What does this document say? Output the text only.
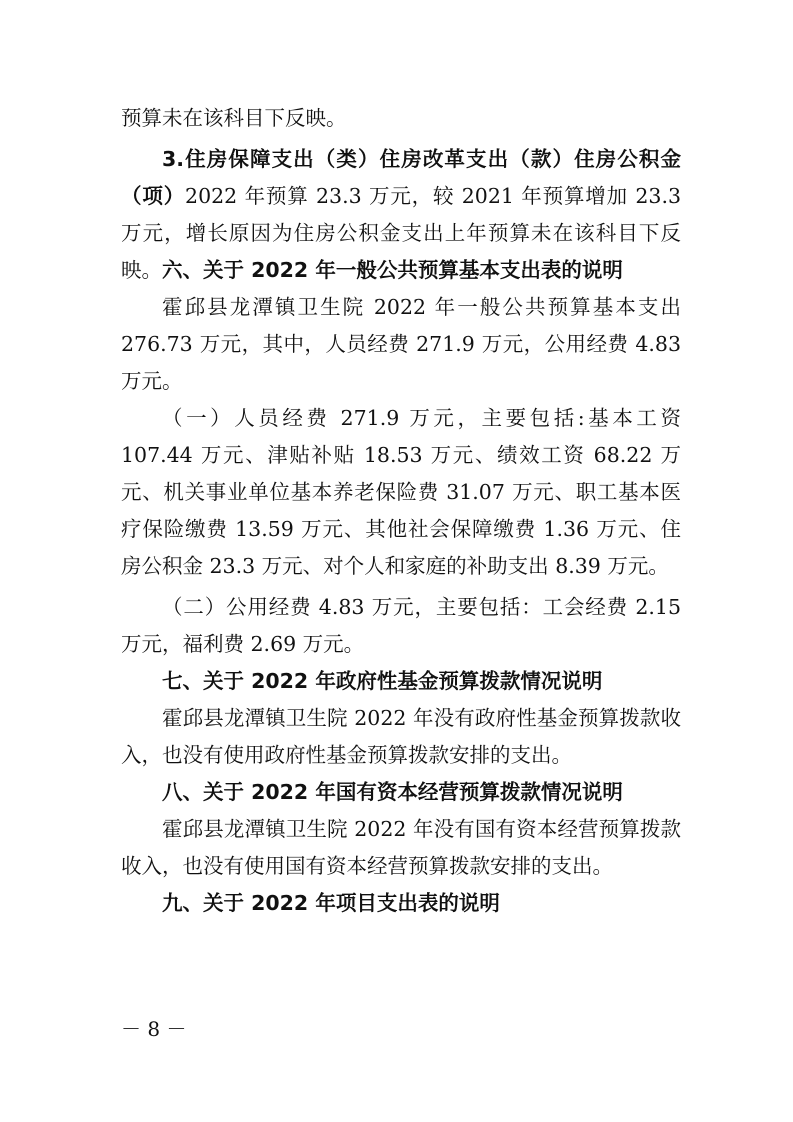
预算未在该科目下反映。

3.住房保障支出（类）住房改革支出（款）住房公积金（项）2022 年预算 23.3 万元，较 2021 年预算增加 23.3 万元，增长原因为住房公积金支出上年预算未在该科目下反映。 六、关于 2022 年一般公共预算基本支出表的说明

霍邱县龙潭镇卫生院 2022 年一般公共预算基本支出 276.73 万元，其中，人员经费 271.9 万元，公用经费 4.83 万元。

（一）人员经费 271.9 万元，主要包括:基本工资 107.44 万元、津贴补贴 18.53 万元、绩效工资 68.22 万元、机关事业单位基本养老保险费 31.07 万元、职工基本医疗保险缴费 13.59 万元、其他社会保障缴费 1.36 万元、住房公积金 23.3 万元、对个人和家庭的补助支出 8.39 万元。

（二）公用经费 4.83 万元，主要包括：工会经费 2.15 万元，福利费 2.69 万元。

七、关于 2022 年政府性基金预算拨款情况说明

霍邱县龙潭镇卫生院 2022 年没有政府性基金预算拨款收入，也没有使用政府性基金预算拨款安排的支出。

八、关于 2022 年国有资本经营预算拨款情况说明

霍邱县龙潭镇卫生院 2022 年没有国有资本经营预算拨款收入，也没有使用国有资本经营预算拨款安排的支出。

九、关于 2022 年项目支出表的说明

－ 8 －
